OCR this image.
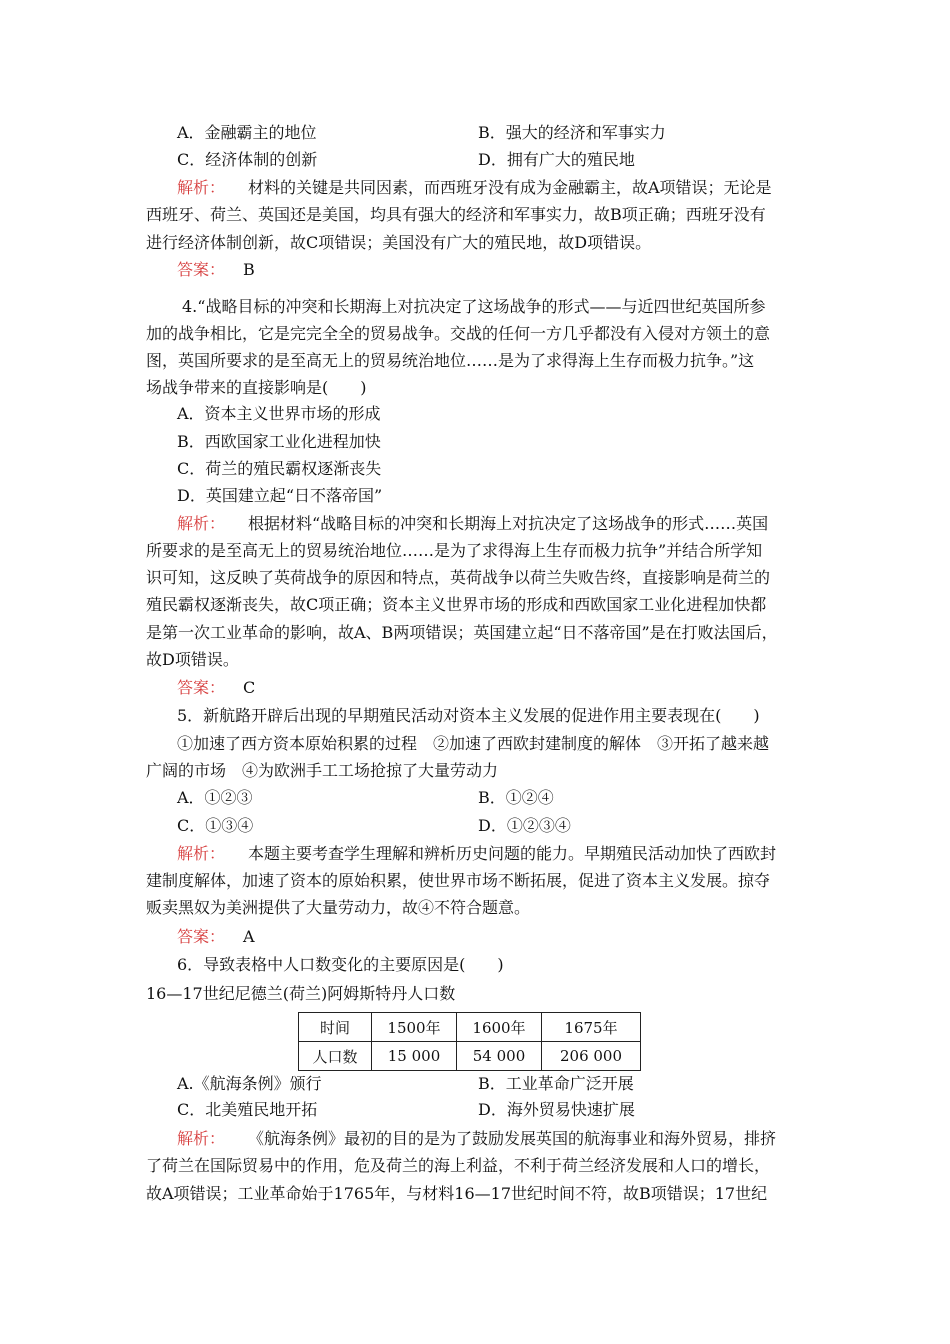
A．金融霸主的地位	B．强大的经济和军事实力
C．经济体制的创新	D．拥有广大的殖民地
解析： 材料的关键是共同因素，而西班牙没有成为金融霸主，故A项错误；无论是
西班牙、荷兰、英国还是美国，均具有强大的经济和军事实力，故B项正确；西班牙没有
进行经济体制创新，故C项错误；美国没有广大的殖民地，故D项错误。
答案： B
4.“战略目标的冲突和长期海上对抗决定了这场战争的形式——与近四世纪英国所参
加的战争相比，它是完完全全的贸易战争。交战的任何一方几乎都没有入侵对方领土的意
图，英国所要求的是至高无上的贸易统治地位……是为了求得海上生存而极力抗争。”这
场战争带来的直接影响是(　　)
A．资本主义世界市场的形成
B．西欧国家工业化进程加快
C．荷兰的殖民霸权逐渐丧失
D．英国建立起“日不落帝国”
解析： 根据材料“战略目标的冲突和长期海上对抗决定了这场战争的形式……英国
所要求的是至高无上的贸易统治地位……是为了求得海上生存而极力抗争”并结合所学知
识可知，这反映了英荷战争的原因和特点，英荷战争以荷兰失败告终，直接影响是荷兰的
殖民霸权逐渐丧失，故C项正确；资本主义世界市场的形成和西欧国家工业化进程加快都
是第一次工业革命的影响，故A、B两项错误；英国建立起“日不落帝国”是在打败法国后，
故D项错误。
答案： C
5．新航路开辟后出现的早期殖民活动对资本主义发展的促进作用主要表现在(　　)
①加速了西方资本原始积累的过程　②加速了西欧封建制度的解体　③开拓了越来越
广阔的市场　④为欧洲手工工场抢掠了大量劳动力
A．①②③	B．①②④
C．①③④	D．①②③④
解析： 本题主要考查学生理解和辨析历史问题的能力。早期殖民活动加快了西欧封
建制度解体，加速了资本的原始积累，使世界市场不断拓展，促进了资本主义发展。掠夺
贩卖黑奴为美洲提供了大量劳动力，故④不符合题意。
答案： A
6．导致表格中人口数变化的主要原因是(　　)
16—17世纪尼德兰(荷兰)阿姆斯特丹人口数
时间	1500年	1600年	1675年
人口数	15 000	54 000	206 000
A.《航海条例》颁行	B．工业革命广泛开展
C．北美殖民地开拓	D．海外贸易快速扩展
解析： 《航海条例》最初的目的是为了鼓励发展英国的航海事业和海外贸易，排挤
了荷兰在国际贸易中的作用，危及荷兰的海上利益，不利于荷兰经济发展和人口的增长，
故A项错误；工业革命始于1765年，与材料16—17世纪时间不符，故B项错误；17世纪
